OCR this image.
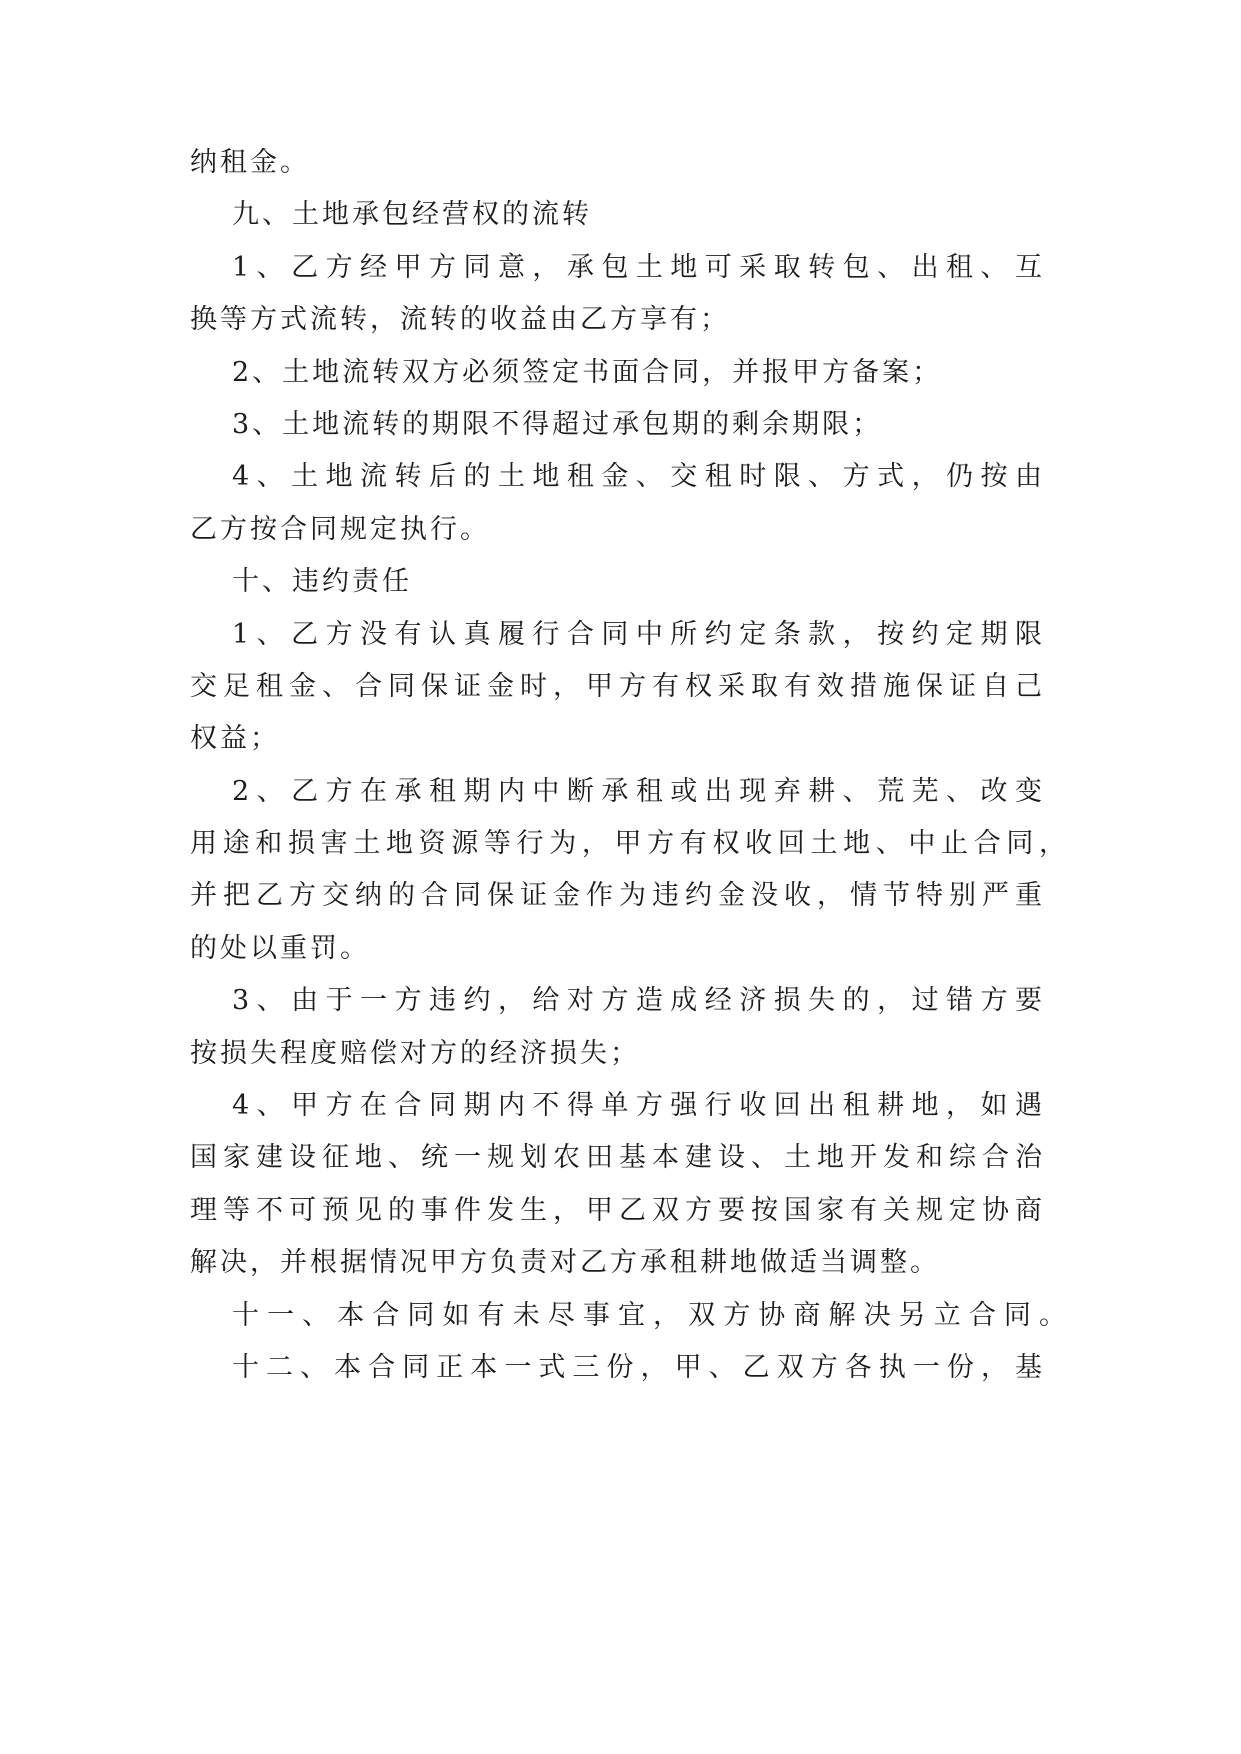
纳租金。
九、土地承包经营权的流转
1、乙方经甲方同意，承包土地可采取转包、出租、互
换等方式流转，流转的收益由乙方享有；
2、土地流转双方必须签定书面合同，并报甲方备案；
3、土地流转的期限不得超过承包期的剩余期限；
4、土地流转后的土地租金、交租时限、方式，仍按由
乙方按合同规定执行。
十、违约责任
1、乙方没有认真履行合同中所约定条款，按约定期限
交足租金、合同保证金时，甲方有权采取有效措施保证自己
权益；
2、乙方在承租期内中断承租或出现弃耕、荒芜、改变
用途和损害土地资源等行为，甲方有权收回土地、中止合同，
并把乙方交纳的合同保证金作为违约金没收，情节特别严重
的处以重罚。
3、由于一方违约，给对方造成经济损失的，过错方要
按损失程度赔偿对方的经济损失；
4、甲方在合同期内不得单方强行收回出租耕地，如遇
国家建设征地、统一规划农田基本建设、土地开发和综合治
理等不可预见的事件发生，甲乙双方要按国家有关规定协商
解决，并根据情况甲方负责对乙方承租耕地做适当调整。
十一、本合同如有未尽事宜，双方协商解决另立合同。
十二、本合同正本一式三份，甲、乙双方各执一份，基
